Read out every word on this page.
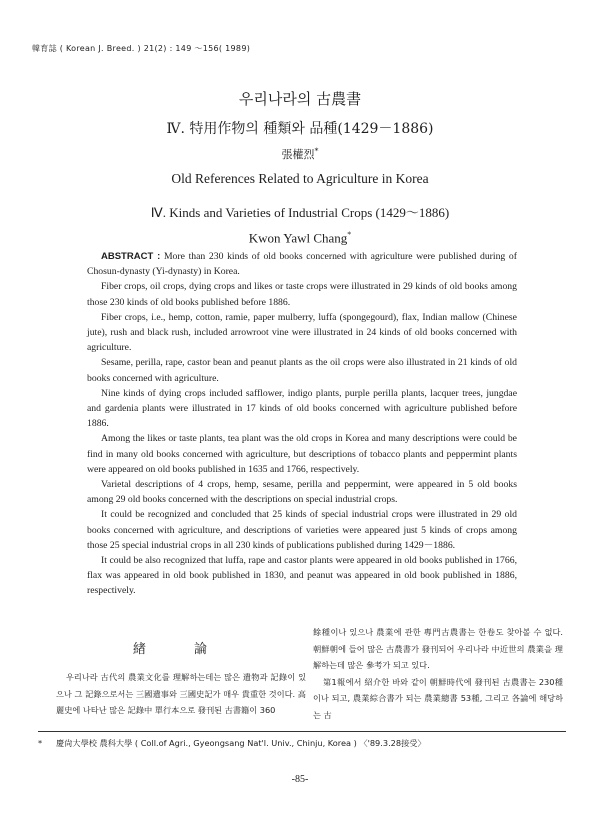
韓育誌 ( Korean J. Breed. ) 21(2) : 149 〜156( 1989)
우리나라의 古農書
Ⅳ. 特用作物의 種類와 品種(1429－1886)
張權烈*
Old References Related to Agriculture in Korea
Ⅳ. Kinds and Varieties of Industrial Crops (1429〜1886)
Kwon Yawl Chang*

ABSTRACT : More than 230 kinds of old books concerned with agriculture were published during of Chosun-dynasty (Yi-dynasty) in Korea.

Fiber crops, oil crops, dying crops and likes or taste crops were illustrated in 29 kinds of old books among those 230 kinds of old books published before 1886.

Fiber crops, i.e., hemp, cotton, ramie, paper mulberry, luffa (spongegourd), flax, Indian mallow (Chinese jute), rush and black rush, included arrowroot vine were illustrated in 24 kinds of old books concerned with agriculture.

Sesame, perilla, rape, castor bean and peanut plants as the oil crops were also illustrated in 21 kinds of old books concerned with agriculture.

Nine kinds of dying crops included safflower, indigo plants, purple perilla plants, lacquer trees, jungdae and gardenia plants were illustrated in 17 kinds of old books concerned with agriculture published before 1886.

Among the likes or taste plants, tea plant was the old crops in Korea and many descriptions were could be find in many old books concerned with agriculture, but descriptions of tobacco plants and peppermint plants were appeared on old books published in 1635 and 1766, respectively.

Varietal descriptions of 4 crops, hemp, sesame, perilla and peppermint, were appeared in 5 old books among 29 old books concerned with the descriptions on special industrial crops.

It could be recognized and concluded that 25 kinds of special industrial crops were illustrated in 29 old books concerned with agriculture, and descriptions of varieties were appeared just 5 kinds of crops among those 25 special industrial crops in all 230 kinds of publications published during 1429－1886.

It could be also recognized that luffa, rape and castor plants were appeared in old books published in 1766, flax was appeared in old book published in 1830, and peanut was appeared in old book published in 1886, respectively.

緖 論

우리나라 古代의 農業文化를 理解하는데는 많은 遺物과 記錄이 있으나 그 記錄으로서는 三國遺事와 三國史記가 매우 貴重한 것이다. 高麗史에 나타난 많은 記錄中 單行本으로 發刊된 古書籍이 360

餘種이나 있으나 農業에 관한 專門古農書는 한卷도 찾아볼 수 없다. 朝鮮朝에 들어 많은 古農書가 發刊되어 우리나라 中近世의 農業을 理解하는데 많은 參考가 되고 있다.

第1報에서 紹介한 바와 같이 朝鮮時代에 發刊된 古農書는 230種이나 되고, 農業綜合書가 되는 農業總書 53種, 그리고 各論에 해당하는 古

* 慶尙大學校 農科大學 ( Coll.of Agri., Gyeongsang Nat'l. Univ., Chinju, Korea ) 〈'89.3.28接受〉
-85-
